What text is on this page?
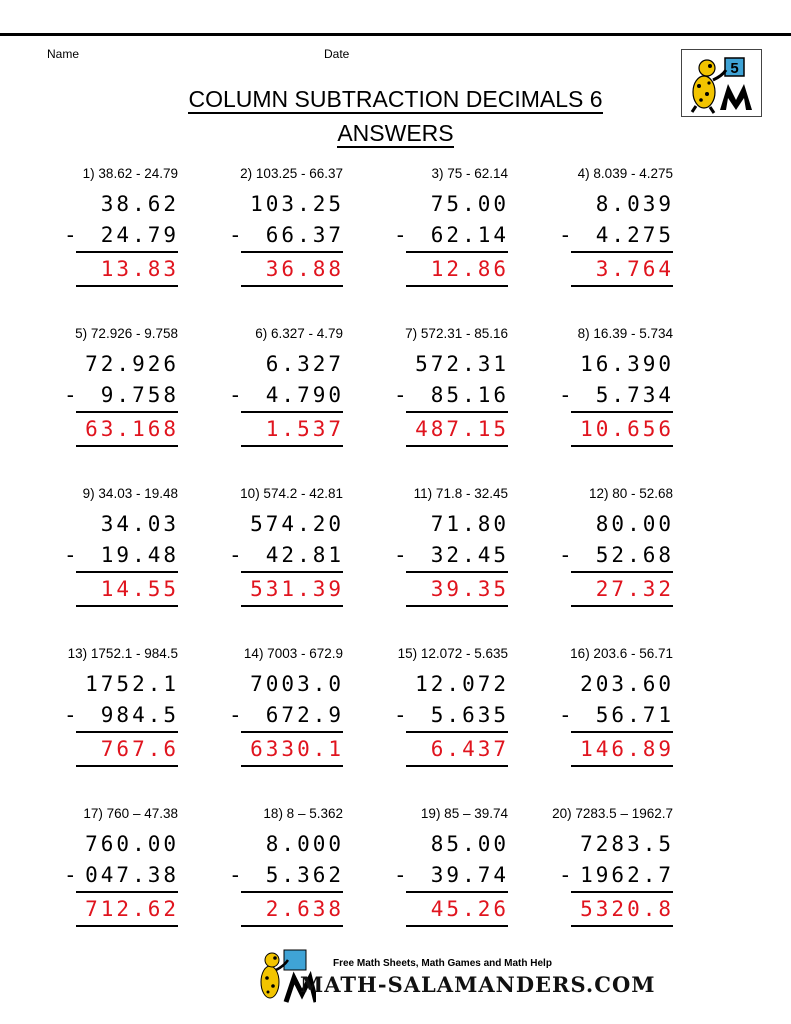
Name	Date
COLUMN SUBTRACTION DECIMALS 6
ANSWERS
5
1) 38.62 - 24.79
38.62
- 24.79
13.83
2) 103.25 - 66.37
103.25
- 66.37
36.88
3) 75 - 62.14
75.00
- 62.14
12.86
4) 8.039 - 4.275
8.039
- 4.275
3.764
5) 72.926 - 9.758
72.926
- 9.758
63.168
6) 6.327 - 4.79
6.327
- 4.790
1.537
7) 572.31 - 85.16
572.31
- 85.16
487.15
8) 16.39 - 5.734
16.390
- 5.734
10.656
9) 34.03 - 19.48
34.03
- 19.48
14.55
10) 574.2 - 42.81
574.20
- 42.81
531.39
11) 71.8 - 32.45
71.80
- 32.45
39.35
12) 80 - 52.68
80.00
- 52.68
27.32
13) 1752.1 - 984.5
1752.1
- 984.5
767.6
14) 7003 - 672.9
7003.0
- 672.9
6330.1
15) 12.072 - 5.635
12.072
- 5.635
6.437
16) 203.6 - 56.71
203.60
- 56.71
146.89
17) 760 – 47.38
760.00
- 047.38
712.62
18) 8 – 5.362
8.000
- 5.362
2.638
19) 85 – 39.74
85.00
- 39.74
45.26
20) 7283.5 – 1962.7
7283.5
- 1962.7
5320.8
Free Math Sheets, Math Games and Math Help
MATH-SALAMANDERS.COM
